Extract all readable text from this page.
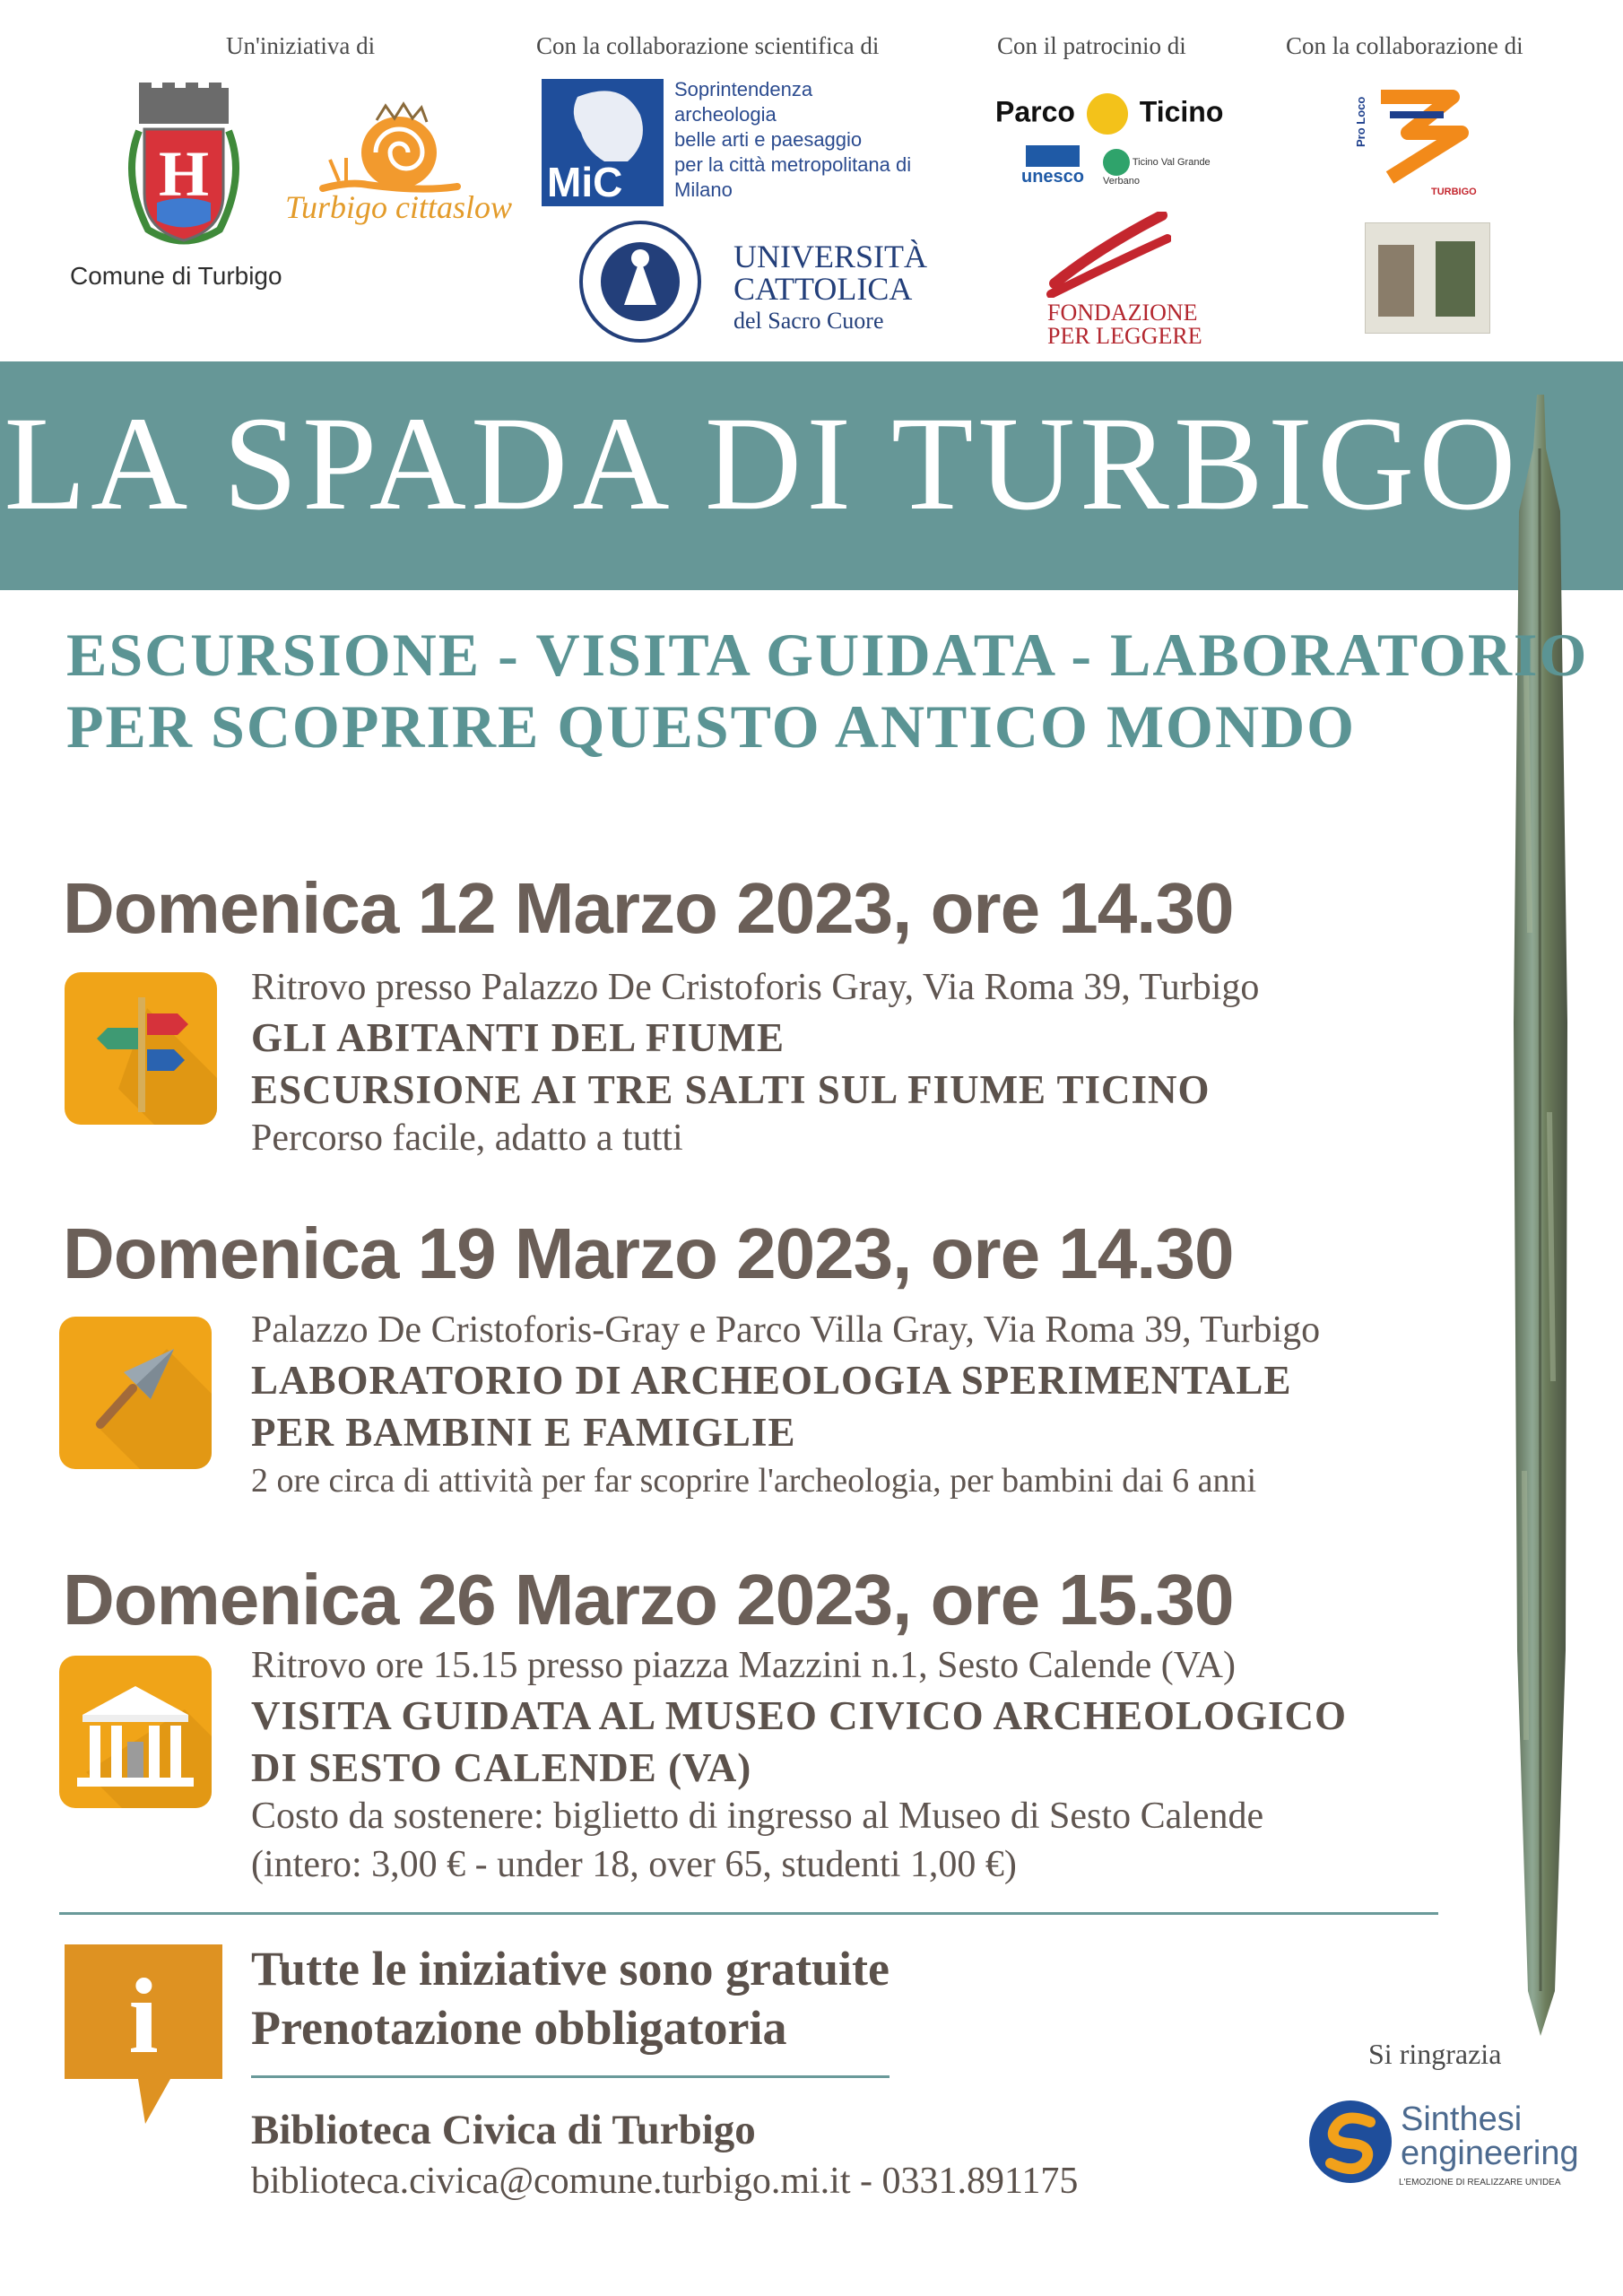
Un'iniziativa di	Con la collaborazione scientifica di	Con il patrocinio di	Con la collaborazione di
H
Comune di Turbigo
Turbigo cittaslow
MiC
Soprintendenza
archeologia
belle arti e paesaggio
per la città metropolitana di
Milano
UNIVERSITÀ
CATTOLICA
del Sacro Cuore
Parco Ticino
unesco
Ticino Val Grande Verbano
FONDAZIONE
PER LEGGERE
Pro Loco
TURBIGO
LA SPADA DI TURBIGO
ESCURSIONE - VISITA GUIDATA - LABORATORIO
PER SCOPRIRE QUESTO ANTICO MONDO
Domenica 12 Marzo 2023, ore 14.30
Ritrovo presso Palazzo De Cristoforis Gray, Via Roma 39, Turbigo
GLI ABITANTI DEL FIUME
ESCURSIONE AI TRE SALTI SUL FIUME TICINO
Percorso facile, adatto a tutti
Domenica 19 Marzo 2023, ore 14.30
Palazzo De Cristoforis-Gray e Parco Villa Gray, Via Roma 39, Turbigo
LABORATORIO DI ARCHEOLOGIA SPERIMENTALE
PER BAMBINI E FAMIGLIE
2 ore circa di attività per far scoprire l'archeologia, per bambini dai 6 anni
Domenica 26 Marzo 2023, ore 15.30
Ritrovo ore 15.15 presso piazza Mazzini n.1, Sesto Calende (VA)
VISITA GUIDATA AL MUSEO CIVICO ARCHEOLOGICO
DI SESTO CALENDE (VA)
Costo da sostenere: biglietto di ingresso al Museo di Sesto Calende
(intero: 3,00 € - under 18, over 65, studenti 1,00 €)
i Tutte le iniziative sono gratuite
Prenotazione obbligatoria
Biblioteca Civica di Turbigo
biblioteca.civica@comune.turbigo.mi.it - 0331.891175
Si ringrazia
Sinthesi
engineering
L'EMOZIONE DI REALIZZARE UN'IDEA
